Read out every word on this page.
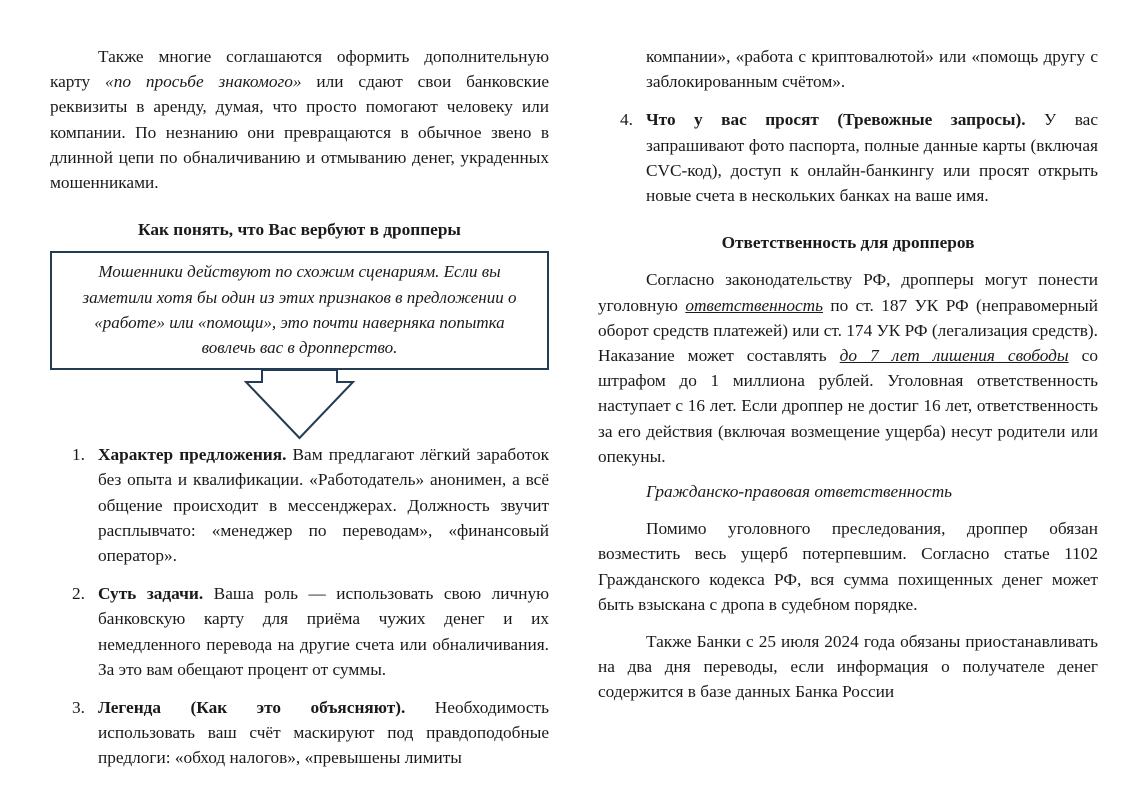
Также многие соглашаются оформить дополнительную карту «по просьбе знакомого» или сдают свои банковские реквизиты в аренду, думая, что просто помогают человеку или компании. По незнанию они превращаются в обычное звено в длинной цепи по обналичиванию и отмыванию денег, украденных мошенниками.

Как понять, что Вас вербуют в дропперы

Мошенники действуют по схожим сценариям. Если вы заметили хотя бы один из этих признаков в предложении о «работе» или «помощи», это почти наверняка попытка вовлечь вас в дропперство.
1. Характер предложения. Вам предлагают лёгкий заработок без опыта и квалификации. «Работодатель» анонимен, а всё общение происходит в мессенджерах. Должность звучит расплывчато: «менеджер по переводам», «финансовый оператор».
2. Суть задачи. Ваша роль — использовать свою личную банковскую карту для приёма чужих денег и их немедленного перевода на другие счета или обналичивания. За это вам обещают процент от суммы.
3. Легенда (Как это объясняют). Необходимость использовать ваш счёт маскируют под правдоподобные предлоги: «обход налогов», «превышены лимиты
компании», «работа с криптовалютой» или «помощь другу с заблокированным счётом».
4. Что у вас просят (Тревожные запросы). У вас запрашивают фото паспорта, полные данные карты (включая CVC-код), доступ к онлайн-банкингу или просят открыть новые счета в нескольких банках на ваше имя.

Ответственность для дропперов

Согласно законодательству РФ, дропперы могут понести уголовную ответственность по ст. 187 УК РФ (неправомерный оборот средств платежей) или ст. 174 УК РФ (легализация средств). Наказание может составлять до 7 лет лишения свободы со штрафом до 1 миллиона рублей. Уголовная ответственность наступает с 16 лет. Если дроппер не достиг 16 лет, ответственность за его действия (включая возмещение ущерба) несут родители или опекуны.

Гражданско-правовая ответственность

Помимо уголовного преследования, дроппер обязан возместить весь ущерб потерпевшим. Согласно статье 1102 Гражданского кодекса РФ, вся сумма похищенных денег может быть взыскана с дропа в судебном порядке.

Также Банки с 25 июля 2024 года обязаны приостанавливать на два дня переводы, если информация о получателе денег содержится в базе данных Банка России
